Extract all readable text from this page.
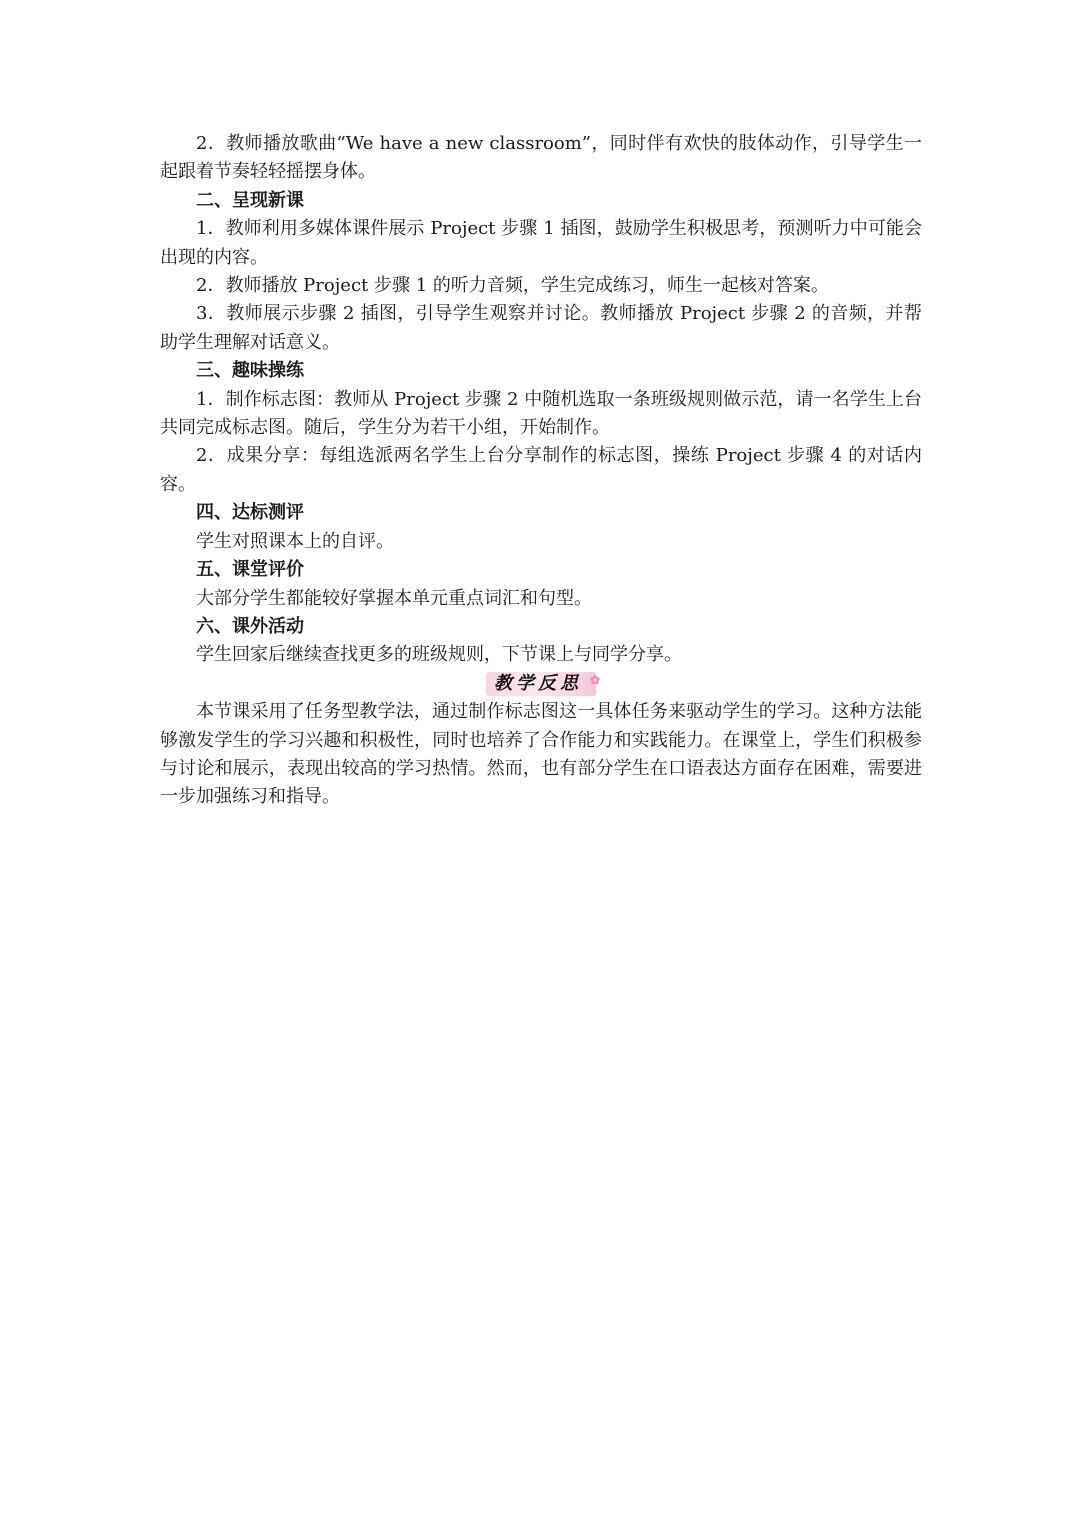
2．教师播放歌曲“We have a new classroom”，同时伴有欢快的肢体动作，引导学生一起跟着节奏轻轻摇摆身体。

二、呈现新课

1．教师利用多媒体课件展示 Project 步骤 1 插图，鼓励学生积极思考，预测听力中可能会出现的内容。

2．教师播放 Project 步骤 1 的听力音频，学生完成练习，师生一起核对答案。

3．教师展示步骤 2 插图，引导学生观察并讨论。教师播放 Project 步骤 2 的音频，并帮助学生理解对话意义。

三、趣味操练

1．制作标志图：教师从 Project 步骤 2 中随机选取一条班级规则做示范，请一名学生上台共同完成标志图。随后，学生分为若干小组，开始制作。

2．成果分享：每组选派两名学生上台分享制作的标志图，操练 Project 步骤 4 的对话内容。

四、达标测评

学生对照课本上的自评。

五、课堂评价

大部分学生都能较好掌握本单元重点词汇和句型。

六、课外活动

学生回家后继续查找更多的班级规则，下节课上与同学分享。

教学反思 ✿

本节课采用了任务型教学法，通过制作标志图这一具体任务来驱动学生的学习。这种方法能够激发学生的学习兴趣和积极性，同时也培养了合作能力和实践能力。在课堂上，学生们积极参与讨论和展示，表现出较高的学习热情。然而，也有部分学生在口语表达方面存在困难，需要进一步加强练习和指导。
